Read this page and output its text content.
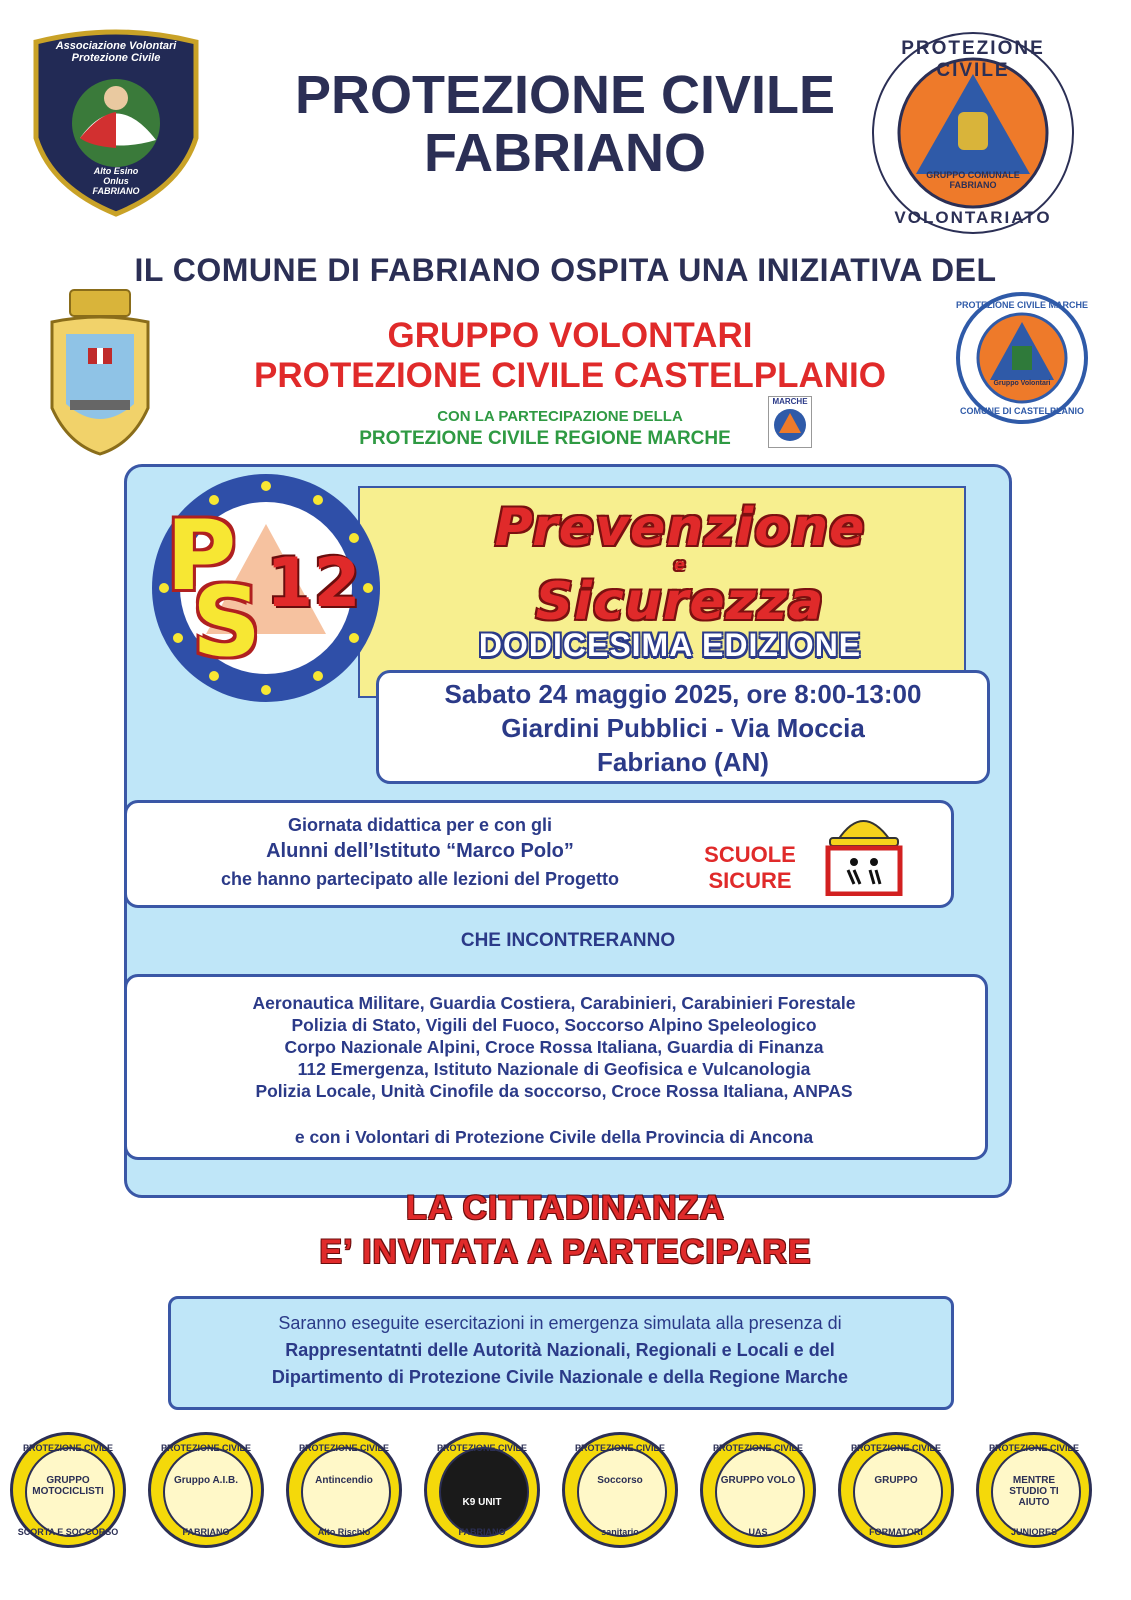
Associazione Volontari
Protezione Civile
Alto Esino
Onlus
FABRIANO
PROTEZIONE CIVILE
FABRIANO
PROTEZIONE CIVILE
VOLONTARIATO
GRUPPO COMUNALE
FABRIANO
IL COMUNE DI FABRIANO OSPITA UNA INIZIATIVA DEL
GRUPPO VOLONTARI
PROTEZIONE CIVILE CASTELPLANIO
CON LA PARTECIPAZIONE DELLA
PROTEZIONE CIVILE REGIONE MARCHE
MARCHE
PROTEZIONE CIVILE MARCHE
COMUNE DI CASTELPLANIO
Gruppo Volontari
P
S 12
Prevenzione
e
Sicurezza
DODICESIMA EDIZIONE
Sabato 24 maggio 2025, ore 8:00-13:00
Giardini Pubblici - Via Moccia
Fabriano (AN)
Giornata didattica per e con gli
Alunni dell’Istituto “Marco Polo”
che hanno partecipato alle lezioni del Progetto
SCUOLE
SICURE
CHE INCONTRERANNO
Aeronautica Militare, Guardia Costiera, Carabinieri, Carabinieri Forestale
Polizia di Stato, Vigili del Fuoco, Soccorso Alpino Speleologico
Corpo Nazionale Alpini, Croce Rossa Italiana, Guardia di Finanza
112 Emergenza, Istituto Nazionale di Geofisica e Vulcanologia
Polizia Locale, Unità Cinofile da soccorso, Croce Rossa Italiana, ANPAS
e con i Volontari di Protezione Civile della Provincia di Ancona
LA CITTADINANZA
E’ INVITATA A PARTECIPARE
Saranno eseguite esercitazioni in emergenza simulata alla presenza di
Rappresentatnti delle Autorità Nazionali, Regionali e Locali e del
Dipartimento di Protezione Civile Nazionale e della Regione Marche
PROTEZIONE CIVILE
GRUPPO MOTOCICLISTI
SCORTA E SOCCORSO
PROTEZIONE CIVILE
Gruppo A.I.B.
FABRIANO
PROTEZIONE CIVILE
Antincendio
Alto Rischio
PROTEZIONE CIVILE
K9 UNIT
FABRIANO
PROTEZIONE CIVILE
Soccorso
sanitario
PROTEZIONE CIVILE
GRUPPO VOLO
UAS
PROTEZIONE CIVILE
GRUPPO
FORMATORI
PROTEZIONE CIVILE
MENTRE STUDIO TI AIUTO
JUNIORES
